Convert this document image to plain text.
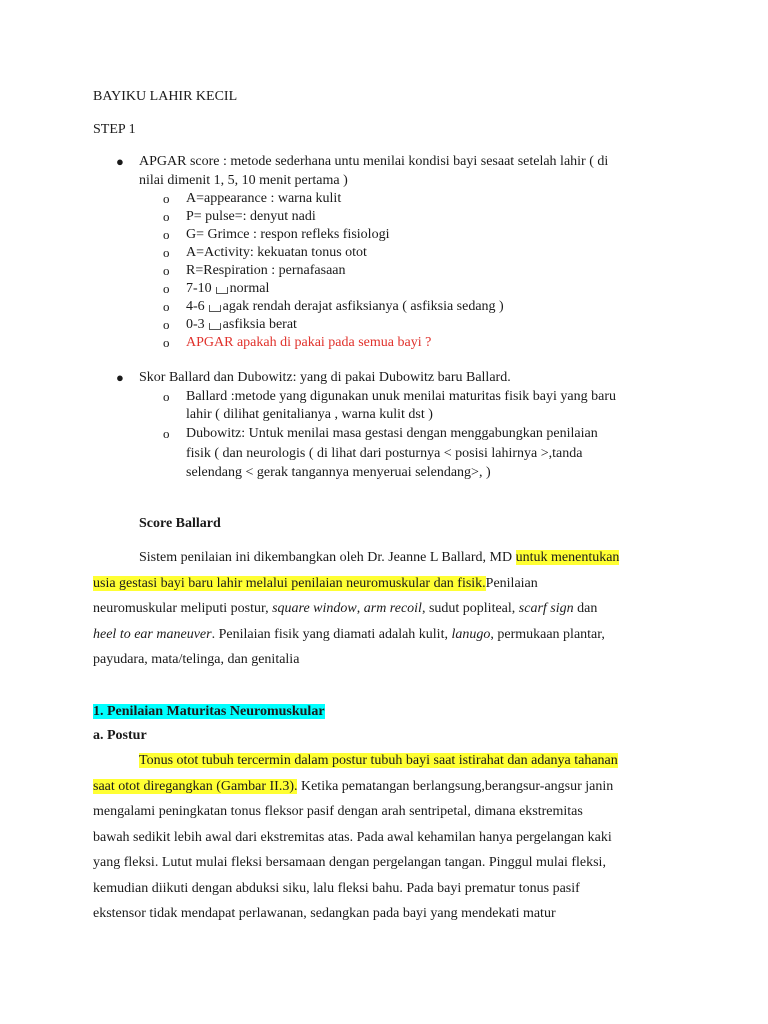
BAYIKU LAHIR KECIL
STEP 1
● APGAR score : metode sederhana untu menilai kondisi bayi sesaat setelah lahir ( di
nilai dimenit 1, 5, 10 menit pertama )
o A=appearance : warna kulit
o P= pulse=: denyut nadi
o G= Grimce : respon refleks fisiologi
o A=Activity: kekuatan tonus otot
o R=Respiration : pernafasaan
o 7-10 normal
o 4-6 agak rendah derajat asfiksianya ( asfiksia sedang )
o 0-3 asfiksia berat
o APGAR apakah di pakai pada semua bayi ?
● Skor Ballard dan Dubowitz: yang di pakai Dubowitz baru Ballard.
o Ballard :metode yang digunakan unuk menilai maturitas fisik bayi yang baru
lahir ( dilihat genitalianya , warna kulit dst )
o Dubowitz: Untuk menilai masa gestasi dengan menggabungkan penilaian
fisik ( dan neurologis ( di lihat dari posturnya < posisi lahirnya >,tanda
selendang < gerak tangannya menyeruai selendang>, )
Score Ballard

Sistem penilaian ini dikembangkan oleh Dr. Jeanne L Ballard, MD untuk menentukan

usia gestasi bayi baru lahir melalui penilaian neuromuskular dan fisik.Penilaian

neuromuskular meliputi postur, square window, arm recoil, sudut popliteal, scarf sign dan

heel to ear maneuver. Penilaian fisik yang diamati adalah kulit, lanugo, permukaan plantar,

payudara, mata/telinga, dan genitalia

1. Penilaian Maturitas Neuromuskular
a. Postur

Tonus otot tubuh tercermin dalam postur tubuh bayi saat istirahat dan adanya tahanan

saat otot diregangkan (Gambar II.3). Ketika pematangan berlangsung,berangsur-angsur janin

mengalami peningkatan tonus fleksor pasif dengan arah sentripetal, dimana ekstremitas

bawah sedikit lebih awal dari ekstremitas atas. Pada awal kehamilan hanya pergelangan kaki

yang fleksi. Lutut mulai fleksi bersamaan dengan pergelangan tangan. Pinggul mulai fleksi,

kemudian diikuti dengan abduksi siku, lalu fleksi bahu. Pada bayi prematur tonus pasif

ekstensor tidak mendapat perlawanan, sedangkan pada bayi yang mendekati matur
